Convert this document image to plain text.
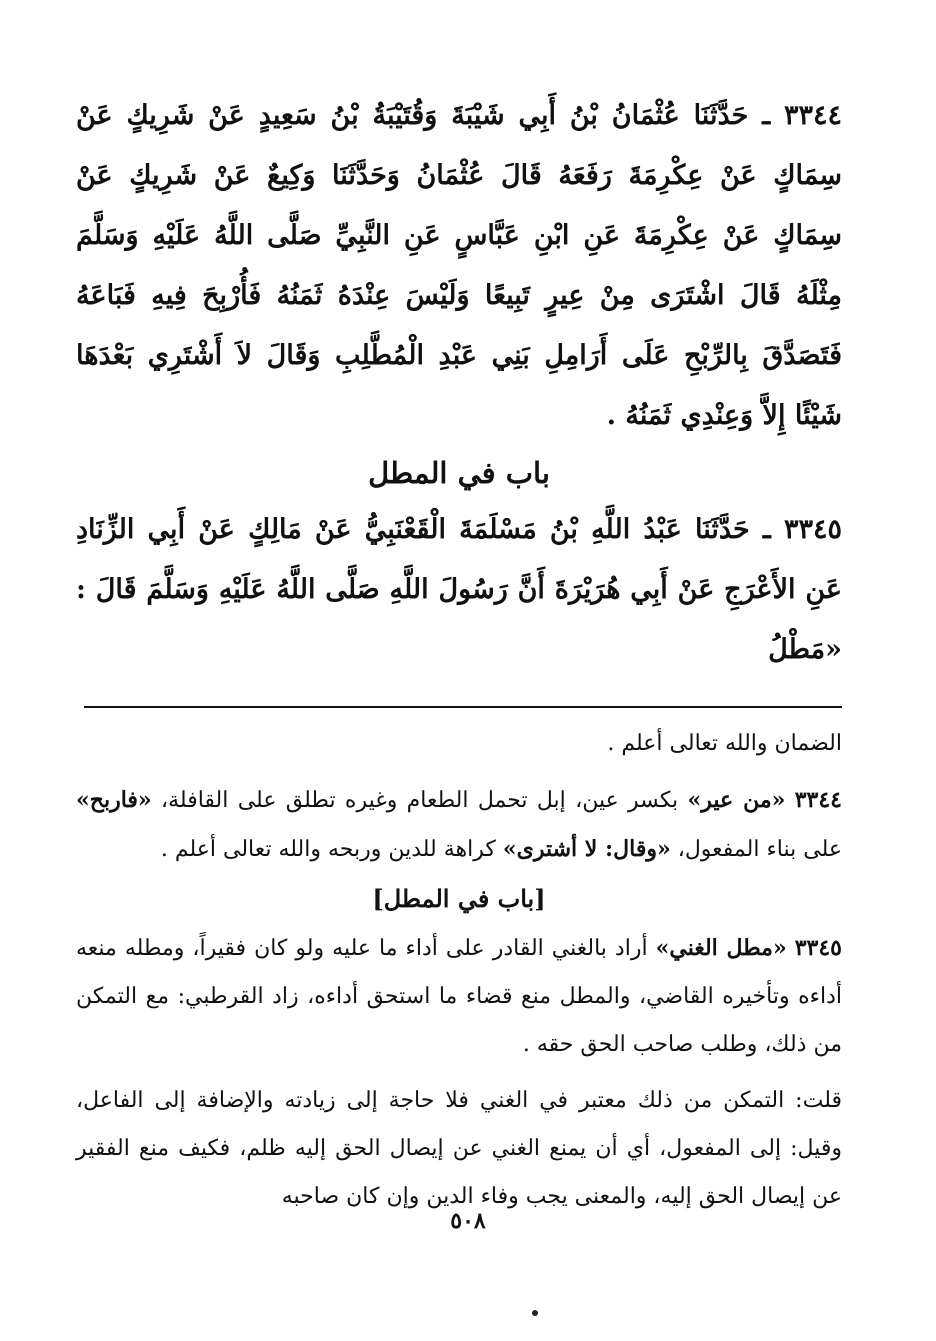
٣٣٤٤ ـ حَدَّثَنَا عُثْمَانُ بْنُ أَبِي شَيْبَةَ وَقُتَيْبَةُ بْنُ سَعِيدٍ عَنْ شَرِيكٍ عَنْ سِمَاكٍ عَنْ عِكْرِمَةَ رَفَعَهُ قَالَ عُثْمَانُ وَحَدَّثَنَا وَكِيعٌ عَنْ شَرِيكٍ عَنْ سِمَاكٍ عَنْ عِكْرِمَةَ عَنِ ابْنِ عَبَّاسٍ عَنِ النَّبِيِّ صَلَّى اللَّهُ عَلَيْهِ وَسَلَّمَ مِثْلَهُ قَالَ اشْتَرَى مِنْ عِيرٍ تَبِيعًا وَلَيْسَ عِنْدَهُ ثَمَنُهُ فَأُرْبِحَ فِيهِ فَبَاعَهُ فَتَصَدَّقَ بِالرِّبْحِ عَلَى أَرَامِلِ بَنِي عَبْدِ الْمُطَّلِبِ وَقَالَ لاَ أَشْتَرِي بَعْدَهَا شَيْئًا إِلاَّ وَعِنْدِي ثَمَنُهُ .

باب في المطل

٣٣٤٥ ـ حَدَّثَنَا عَبْدُ اللَّهِ بْنُ مَسْلَمَةَ الْقَعْنَبِيُّ عَنْ مَالِكٍ عَنْ أَبِي الزِّنَادِ عَنِ الأَعْرَجِ عَنْ أَبِي هُرَيْرَةَ أَنَّ رَسُولَ اللَّهِ صَلَّى اللَّهُ عَلَيْهِ وَسَلَّمَ قَالَ : «مَطْلُ

الضمان والله تعالى أعلم .

٣٣٤٤ «من عير» بكسر عين، إبل تحمل الطعام وغيره تطلق على القافلة، «فاربح» على بناء المفعول، «وقال: لا أشترى» كراهة للدين وربحه والله تعالى أعلم .

[باب في المطل]

٣٣٤٥ «مطل الغني» أراد بالغني القادر على أداء ما عليه ولو كان فقيراً، ومطله منعه أداءه وتأخيره القاضي، والمطل منع قضاء ما استحق أداءه، زاد القرطبي: مع التمكن من ذلك، وطلب صاحب الحق حقه .

قلت: التمكن من ذلك معتبر في الغني فلا حاجة إلى زيادته والإضافة إلى الفاعل، وقيل: إلى المفعول، أي أن يمنع الغني عن إيصال الحق إليه ظلم، فكيف منع الفقير عن إيصال الحق إليه، والمعنى يجب وفاء الدين وإن كان صاحبه

٥٠٨
